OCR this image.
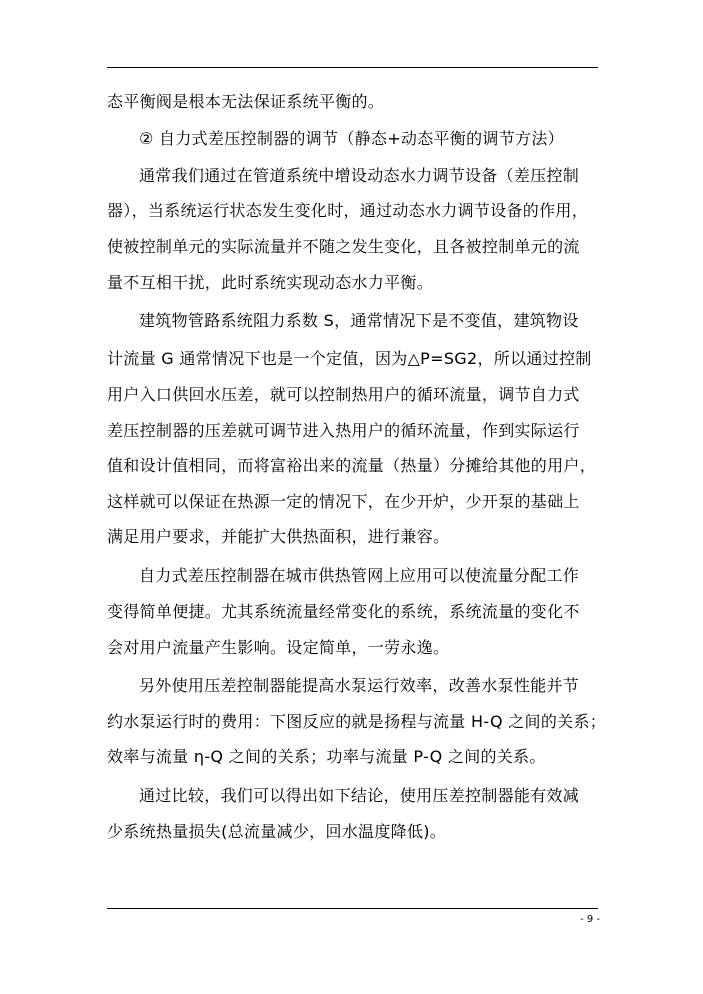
态平衡阀是根本无法保证系统平衡的。
② 自力式差压控制器的调节（静态+动态平衡的调节方法）
通常我们通过在管道系统中增设动态水力调节设备（差压控制
器），当系统运行状态发生变化时，通过动态水力调节设备的作用，
使被控制单元的实际流量并不随之发生变化，且各被控制单元的流
量不互相干扰，此时系统实现动态水力平衡。
建筑物管路系统阻力系数 S，通常情况下是不变值，建筑物设
计流量 G 通常情况下也是一个定值，因为△P=SG2，所以通过控制
用户入口供回水压差，就可以控制热用户的循环流量，调节自力式
差压控制器的压差就可调节进入热用户的循环流量，作到实际运行
值和设计值相同，而将富裕出来的流量（热量）分摊给其他的用户，
这样就可以保证在热源一定的情况下，在少开炉，少开泵的基础上
满足用户要求，并能扩大供热面积，进行兼容。
自力式差压控制器在城市供热管网上应用可以使流量分配工作
变得简单便捷。尤其系统流量经常变化的系统，系统流量的变化不
会对用户流量产生影响。设定简单，一劳永逸。
另外使用压差控制器能提高水泵运行效率，改善水泵性能并节
约水泵运行时的费用：下图反应的就是扬程与流量 H-Q 之间的关系；
效率与流量 η-Q 之间的关系；功率与流量 P-Q 之间的关系。
通过比较，我们可以得出如下结论，使用压差控制器能有效减
少系统热量损失(总流量减少，回水温度降低)。
- 9 -
